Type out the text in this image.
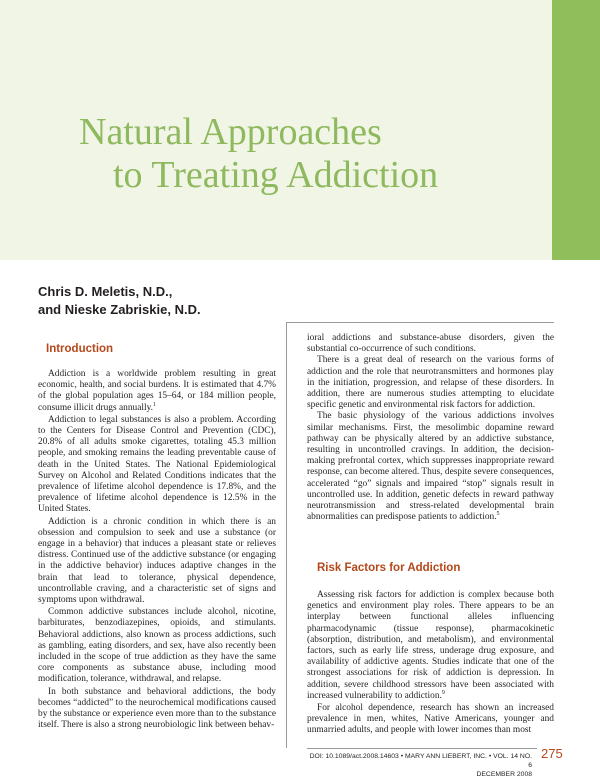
Natural Approaches
to Treating Addiction
Chris D. Meletis, N.D.,
and Nieske Zabriskie, N.D.
Introduction

Addiction is a worldwide problem resulting in great economic, health, and social burdens. It is estimated that 4.7% of the global population ages 15–64, or 184 million people, consume illicit drugs annually.$^1$

Addiction to legal substances is also a problem. According to the Centers for Disease Control and Prevention (CDC), 20.8% of all adults smoke cigarettes, totaling 45.3 million people, and smoking remains the leading preventable cause of death in the United States. The National Epidemiological Survey on Alcohol and Related Conditions indicates that the prevalence of lifetime alcohol dependence is 17.8%, and the prevalence of lifetime alcohol dependence is 12.5% in the United States.

Addiction is a chronic condition in which there is an obsession and compulsion to seek and use a substance (or engage in a behavior) that induces a pleasant state or relieves distress. Continued use of the addictive substance (or engaging in the addictive behavior) induces adaptive changes in the brain that lead to tolerance, physical dependence, uncontrollable craving, and a characteristic set of signs and symptoms upon withdrawal.

Common addictive substances include alcohol, nicotine, barbiturates, benzodiazepines, opioids, and stimulants. Behavioral addictions, also known as process addictions, such as gambling, eating disorders, and sex, have also recently been included in the scope of true addiction as they have the same core components as substance abuse, including mood modification, tolerance, withdrawal, and relapse.

In both substance and behavioral addictions, the body becomes “addicted” to the neurochemical modifications caused by the substance or experience even more than to the substance itself. There is also a strong neurobiologic link between behav-

ioral addictions and substance-abuse disorders, given the substantial co-occurrence of such conditions.

There is a great deal of research on the various forms of addiction and the role that neurotransmitters and hormones play in the initiation, progression, and relapse of these disorders. In addition, there are numerous studies attempting to elucidate specific genetic and environmental risk factors for addiction.

The basic physiology of the various addictions involves similar mechanisms. First, the mesolimbic dopamine reward pathway can be physically altered by an addictive substance, resulting in uncontrolled cravings. In addition, the decision-making prefrontal cortex, which suppresses inappropriate reward response, can become altered. Thus, despite severe consequences, accelerated “go” signals and impaired “stop” signals result in uncontrolled use. In addition, genetic defects in reward pathway neurotransmission and stress-related developmental brain abnormalities can predispose patients to addiction.$^5$

Risk Factors for Addiction

Assessing risk factors for addiction is complex because both genetics and environment play roles. There appears to be an interplay between functional alleles influencing pharmacodynamic (tissue response), pharmacokinetic (absorption, distribution, and metabolism), and environmental factors, such as early life stress, underage drug exposure, and availability of addictive agents. Studies indicate that one of the strongest associations for risk of addiction is depression. In addition, severe childhood stressors have been associated with increased vulnerability to addiction.$^9$

For alcohol dependence, research has shown an increased prevalence in men, whites, Native Americans, younger and unmarried adults, and people with lower incomes than most

DOI: 10.1089/act.2008.14603 • MARY ANN LIEBERT, INC. • VOL. 14 NO. 6
DECEMBER 2008
275
